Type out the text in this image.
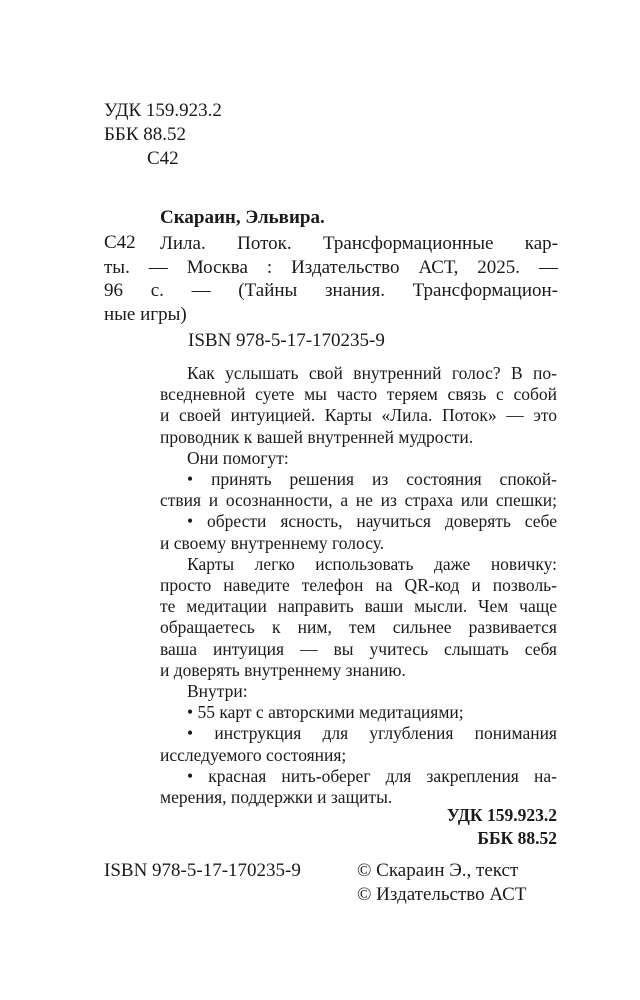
УДК 159.923.2
ББК 88.52
С42
Скараин, Эльвира.
С42 Лила. Поток. Трансформационные кар-
ты. — Москва : Издательство АСТ, 2025. —
96 с. — (Тайны знания. Трансформацион-
ные игры)
ISBN 978-5-17-170235-9
Как услышать свой внутренний голос? В по-
вседневной суете мы часто теряем связь с собой
и своей интуицией. Карты «Лила. Поток» — это
проводник к вашей внутренней мудрости.
Они помогут:
• принять решения из состояния спокой-
ствия и осознанности, а не из страха или спешки;
• обрести ясность, научиться доверять себе
и своему внутреннему голосу.
Карты легко использовать даже новичку:
просто наведите телефон на QR-код и позволь-
те медитации направить ваши мысли. Чем чаще
обращаетесь к ним, тем сильнее развивается
ваша интуиция — вы учитесь слышать себя
и доверять внутреннему знанию.
Внутри:
• 55 карт с авторскими медитациями;
• инструкция для углубления понимания
исследуемого состояния;
• красная нить-оберег для закрепления на-
мерения, поддержки и защиты.
УДК 159.923.2
ББК 88.52
ISBN 978-5-17-170235-9	© Скараин Э., текст
© Издательство АСТ
